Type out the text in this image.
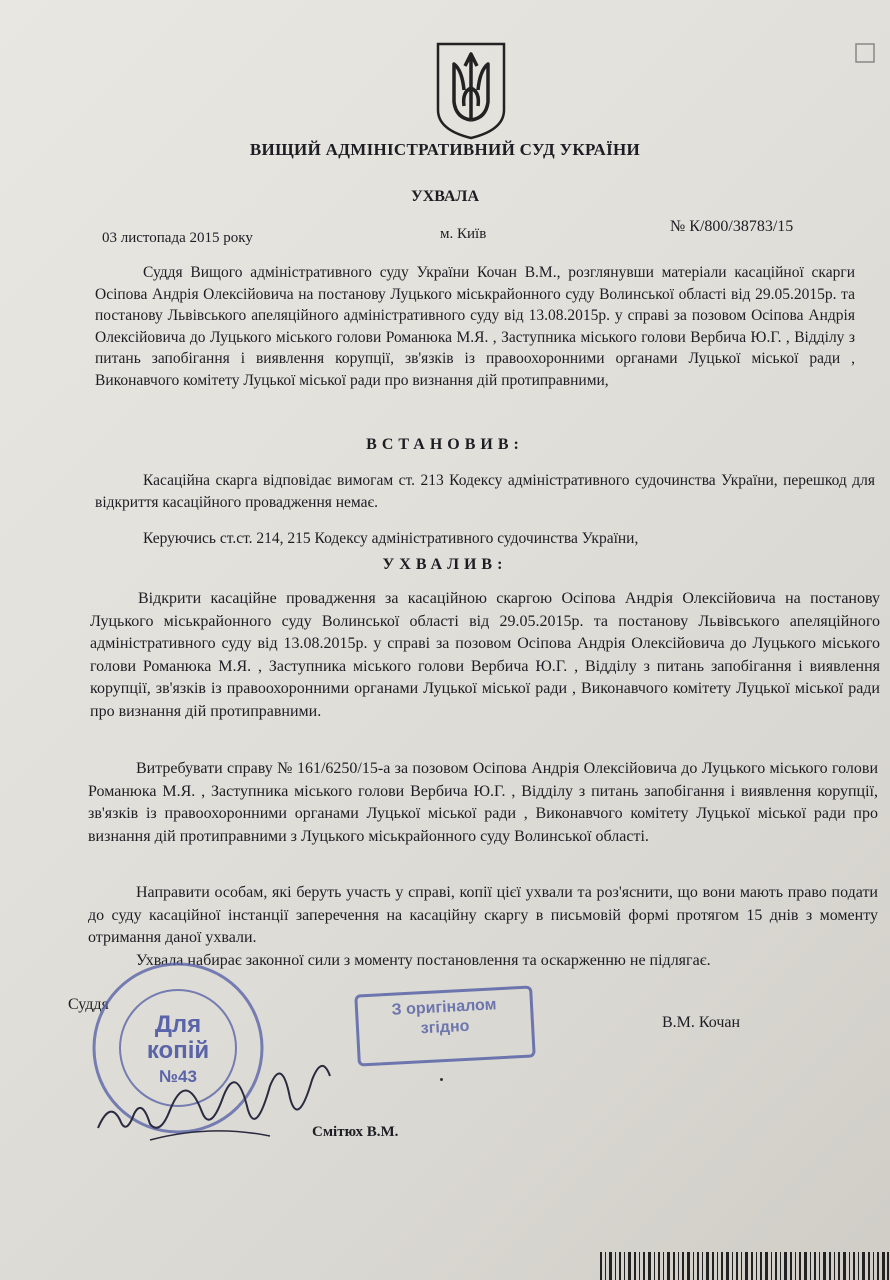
ВИЩИЙ АДМІНІСТРАТИВНИЙ СУД УКРАЇНИ
УХВАЛА
03 листопада 2015 року	м. Київ	№ К/800/38783/15

Суддя Вищого адміністративного суду України Кочан В.М., розглянувши матеріали касаційної скарги Осіпова Андрія Олексійовича на постанову Луцького міськрайонного суду Волинської області від 29.05.2015р. та постанову Львівського апеляційного адміністративного суду від 13.08.2015р. у справі за позовом Осіпова Андрія Олексійовича до Луцького міського голови Романюка М.Я. , Заступника міського голови Вербича Ю.Г. , Відділу з питань запобігання і виявлення корупції, зв'язків із правоохоронними органами Луцької міської ради , Виконавчого комітету Луцької міської ради про визнання дій протиправними,

ВСТАНОВИВ:

Касаційна скарга відповідає вимогам ст. 213 Кодексу адміністративного судочинства України, перешкод для відкриття касаційного провадження немає.

Керуючись ст.ст. 214, 215 Кодексу адміністративного судочинства України,

УХВАЛИВ:

Відкрити касаційне провадження за касаційною скаргою Осіпова Андрія Олексійовича на постанову Луцького міськрайонного суду Волинської області від 29.05.2015р. та постанову Львівського апеляційного адміністративного суду від 13.08.2015р. у справі за позовом Осіпова Андрія Олексійовича до Луцького міського голови Романюка М.Я. , Заступника міського голови Вербича Ю.Г. , Відділу з питань запобігання і виявлення корупції, зв'язків із правоохоронними органами Луцької міської ради , Виконавчого комітету Луцької міської ради про визнання дій протиправними.

Витребувати справу № 161/6250/15-а за позовом Осіпова Андрія Олексійовича до Луцького міського голови Романюка М.Я. , Заступника міського голови Вербича Ю.Г. , Відділу з питань запобігання і виявлення корупції, зв'язків із правоохоронними органами Луцької міської ради , Виконавчого комітету Луцької міської ради про визнання дій протиправними з Луцького міськрайонного суду Волинської області.

Направити особам, які беруть участь у справі, копії цієї ухвали та роз'яснити, що вони мають право подати до суду касаційної інстанції заперечення на касаційну скаргу в письмовій формі протягом 15 днів з моменту отримання даної ухвали.

Ухвала набирає законної сили з моменту постановлення та оскарженню не підлягає.

Суддя
В.М. Кочан
Для
копій
№43
З оригіналом
згідно
Смітюх В.М.
